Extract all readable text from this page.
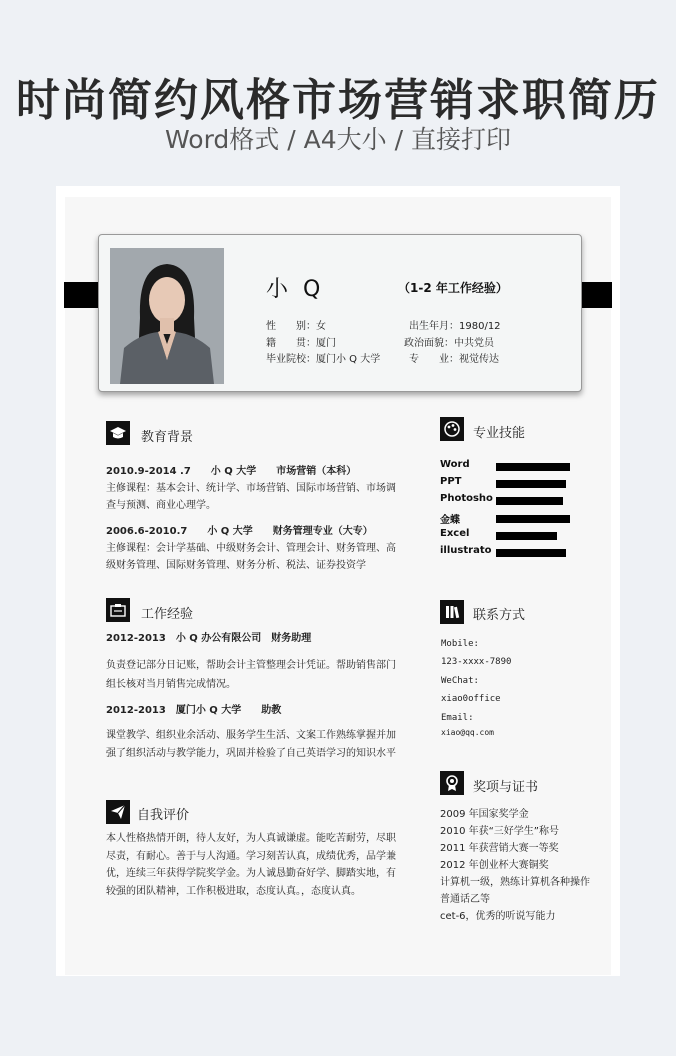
时尚简约风格市场营销求职简历
Word格式 / A4大小 / 直接打印
小 Q	（1-2 年工作经验）
性　　别：女	出生年月：1980/12
籍　　贯：厦门	政治面貌：中共党员
毕业院校：厦门小 Q 大学	专　　业：视觉传达
教育背景
2010.9-2014 .7　　小 Q 大学　　市场营销（本科）
主修课程：基本会计、统计学、市场营销、国际市场营销、市场调查与预测、商业心理学。
2006.6-2010.7　　小 Q 大学　　财务管理专业（大专）
主修课程：会计学基础、中级财务会计、管理会计、财务管理、高级财务管理、国际财务管理、财务分析、税法、证券投资学
工作经验
2012-2013　小 Q 办公有限公司　财务助理
负责登记部分日记账，帮助会计主管整理会计凭证。帮助销售部门组长核对当月销售完成情况。
2012-2013　厦门小 Q 大学　　助教
课堂教学、组织业余活动、服务学生生活、文案工作熟练掌握并加强了组织活动与教学能力，巩固并检验了自己英语学习的知识水平
自我评价
本人性格热情开朗，待人友好，为人真诚谦虚。能吃苦耐劳，尽职尽责，有耐心。善于与人沟通。学习刻苦认真，成绩优秀，品学兼优，连续三年获得学院奖学金。为人诚恳勤奋好学、脚踏实地，有较强的团队精神，工作积极进取，态度认真。，态度认真。
专业技能
Word
PPT
Photosho
金蝶
Excel
illustrato
联系方式
Mobile:
123-xxxx-7890
WeChat:
xiao0office
Email:
xiao@qq.com
奖项与证书
2009 年国家奖学金
2010 年获“三好学生”称号
2011 年获营销大赛一等奖
2012 年创业杯大赛铜奖
计算机一级，熟练计算机各种操作
普通话乙等
cet-6，优秀的听说写能力
